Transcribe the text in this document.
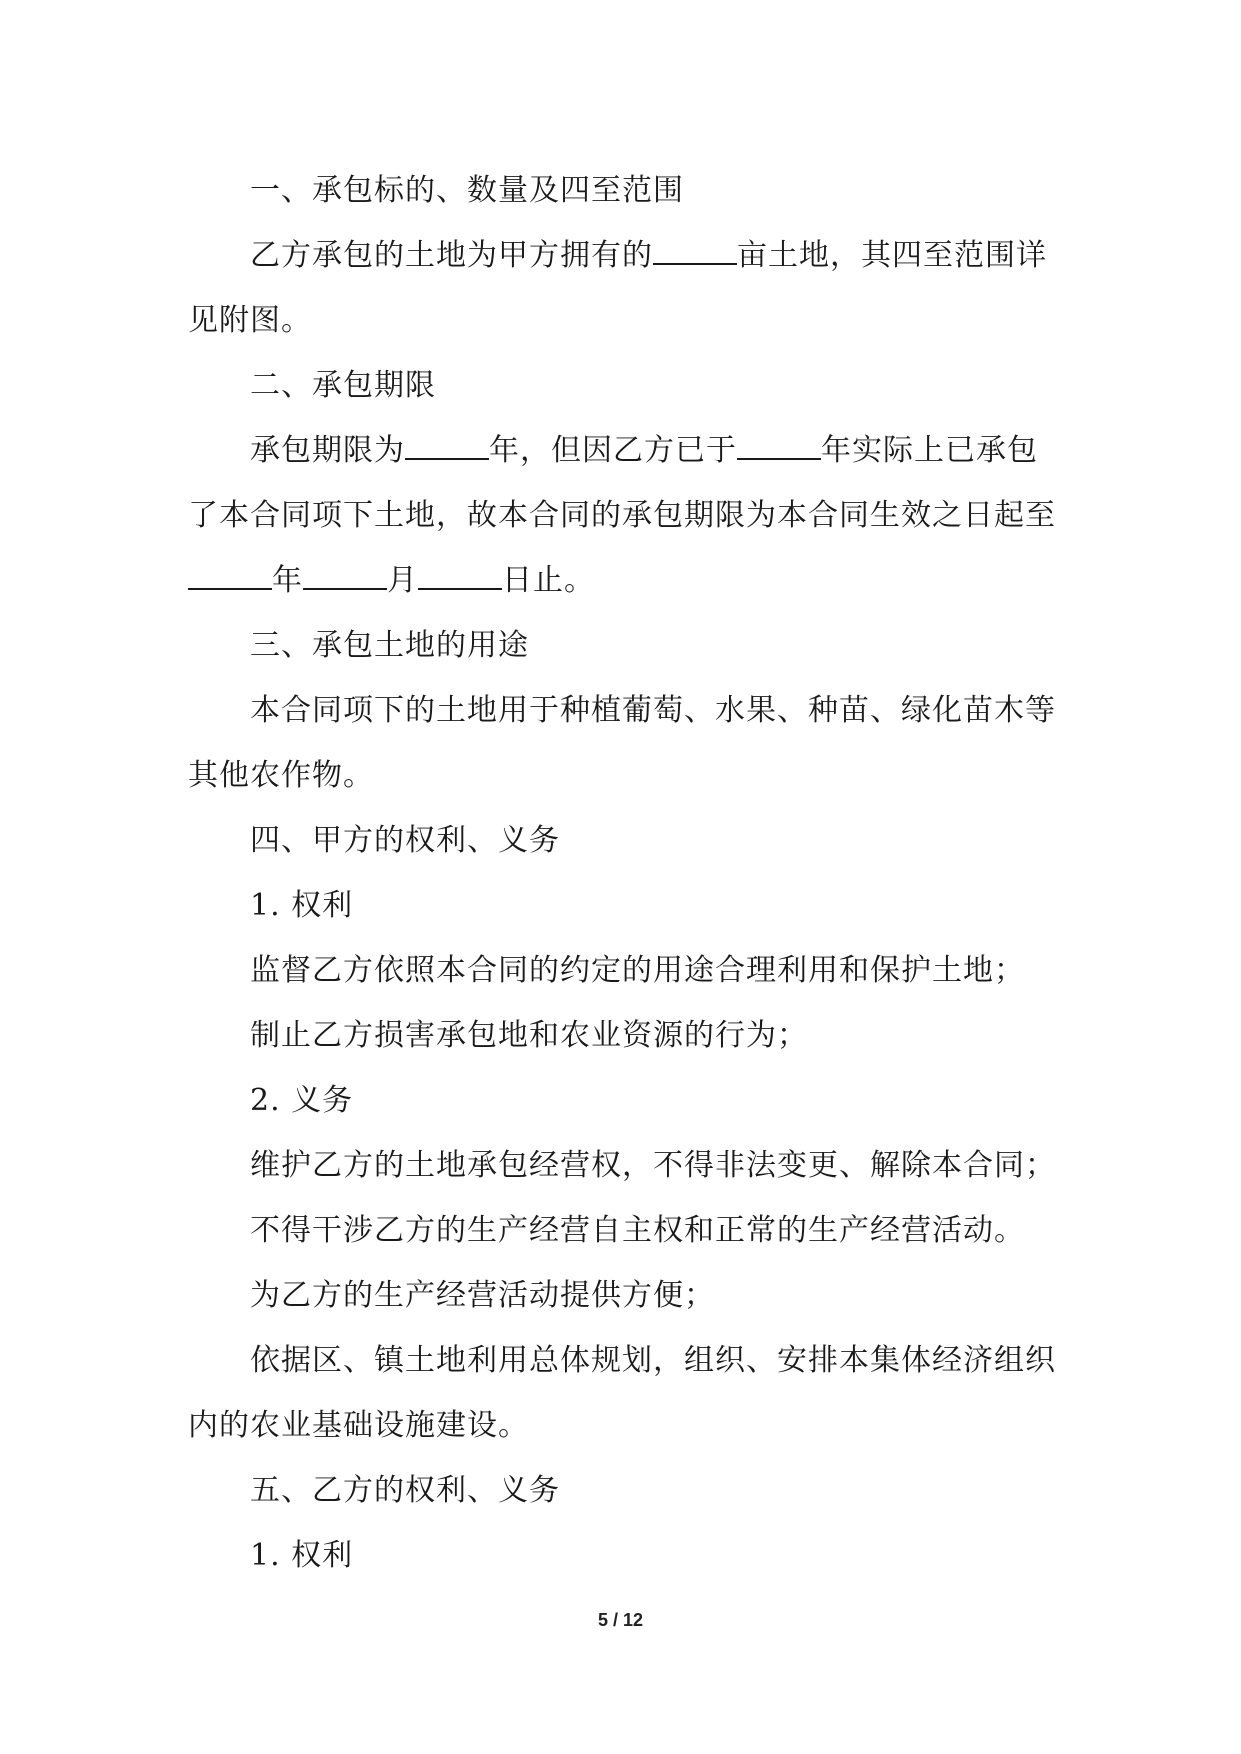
一、承包标的、数量及四至范围
乙方承包的土地为甲方拥有的	亩土地，其四至范围详
见附图。
二、承包期限
承包期限为	年，但因乙方已于	年实际上已承包
了本合同项下土地，故本合同的承包期限为本合同生效之日起至
年	月	日止。
三、承包土地的用途
本合同项下的土地用于种植葡萄、水果、种苗、绿化苗木等
其他农作物。
四、甲方的权利、义务
1. 权利
监督乙方依照本合同的约定的用途合理利用和保护土地；
制止乙方损害承包地和农业资源的行为；
2. 义务
维护乙方的土地承包经营权，不得非法变更、解除本合同；
不得干涉乙方的生产经营自主权和正常的生产经营活动。
为乙方的生产经营活动提供方便；
依据区、镇土地利用总体规划，组织、安排本集体经济组织
内的农业基础设施建设。
五、乙方的权利、义务
1. 权利
5 / 12
